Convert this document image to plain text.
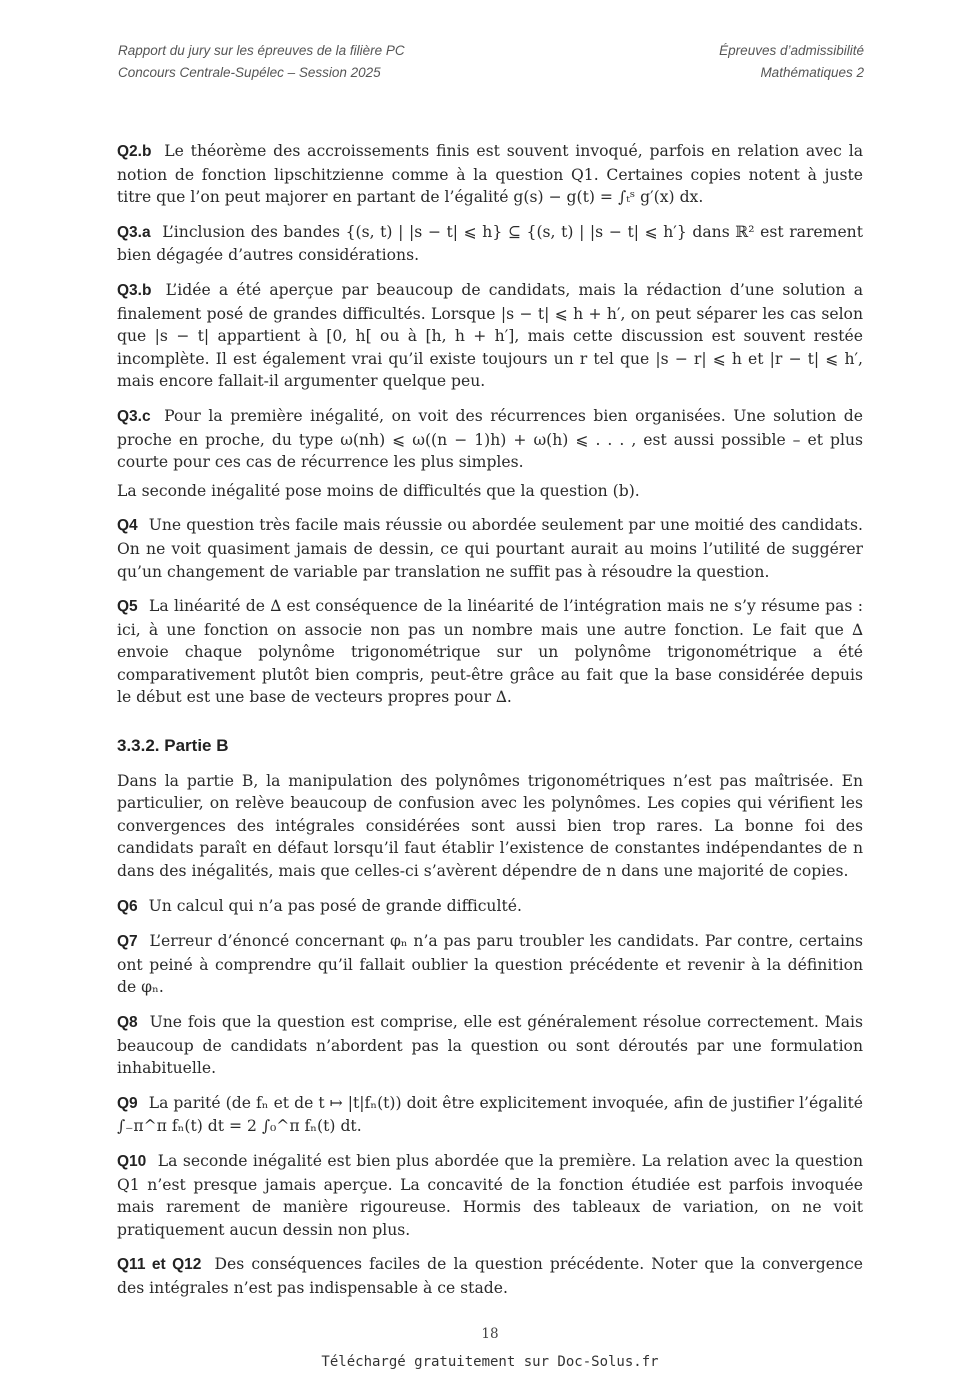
Rapport du jury sur les épreuves de la filière PC
Concours Centrale-Supélec – Session 2025
Épreuves d’admissibilité
Mathématiques 2

Q2.b Le théorème des accroissements finis est souvent invoqué, parfois en relation avec la notion de fonction lipschitzienne comme à la question Q1. Certaines copies notent à juste titre que l’on peut majorer en partant de l’égalité g(s) − g(t) = ∫ₜˢ g′(x) dx.

Q3.a L’inclusion des bandes {(s, t) | |s − t| ⩽ h} ⊆ {(s, t) | |s − t| ⩽ h′} dans ℝ² est rarement bien dégagée d’autres considérations.

Q3.b L’idée a été aperçue par beaucoup de candidats, mais la rédaction d’une solution a finalement posé de grandes difficultés. Lorsque |s − t| ⩽ h + h′, on peut séparer les cas selon que |s − t| appartient à [0, h[ ou à [h, h + h′], mais cette discussion est souvent restée incomplète. Il est également vrai qu’il existe toujours un r tel que |s − r| ⩽ h et |r − t| ⩽ h′, mais encore fallait-il argumenter quelque peu.

Q3.c Pour la première inégalité, on voit des récurrences bien organisées. Une solution de proche en proche, du type ω(nh) ⩽ ω((n − 1)h) + ω(h) ⩽ . . . , est aussi possible – et plus courte pour ces cas de récurrence les plus simples.

La seconde inégalité pose moins de difficultés que la question (b).

Q4 Une question très facile mais réussie ou abordée seulement par une moitié des candidats. On ne voit quasiment jamais de dessin, ce qui pourtant aurait au moins l’utilité de suggérer qu’un changement de variable par translation ne suffit pas à résoudre la question.

Q5 La linéarité de ∆ est conséquence de la linéarité de l’intégration mais ne s’y résume pas : ici, à une fonction on associe non pas un nombre mais une autre fonction. Le fait que ∆ envoie chaque polynôme trigonométrique sur un polynôme trigonométrique a été comparativement plutôt bien compris, peut-être grâce au fait que la base considérée depuis le début est une base de vecteurs propres pour ∆.

3.3.2. Partie B

Dans la partie B, la manipulation des polynômes trigonométriques n’est pas maîtrisée. En particulier, on relève beaucoup de confusion avec les polynômes. Les copies qui vérifient les convergences des intégrales considérées sont aussi bien trop rares. La bonne foi des candidats paraît en défaut lorsqu’il faut établir l’existence de constantes indépendantes de n dans des inégalités, mais que celles-ci s’avèrent dépendre de n dans une majorité de copies.

Q6 Un calcul qui n’a pas posé de grande difficulté.

Q7 L’erreur d’énoncé concernant φₙ n’a pas paru troubler les candidats. Par contre, certains ont peiné à comprendre qu’il fallait oublier la question précédente et revenir à la définition de φₙ.

Q8 Une fois que la question est comprise, elle est généralement résolue correctement. Mais beaucoup de candidats n’abordent pas la question ou sont déroutés par une formulation inhabituelle.

Q9 La parité (de fₙ et de t ↦ |t|fₙ(t)) doit être explicitement invoquée, afin de justifier l’égalité ∫₋π^π fₙ(t) dt = 2 ∫₀^π fₙ(t) dt.

Q10 La seconde inégalité est bien plus abordée que la première. La relation avec la question Q1 n’est presque jamais aperçue. La concavité de la fonction étudiée est parfois invoquée mais rarement de manière rigoureuse. Hormis des tableaux de variation, on ne voit pratiquement aucun dessin non plus.

Q11 et Q12 Des conséquences faciles de la question précédente. Noter que la convergence des intégrales n’est pas indispensable à ce stade.

18
Téléchargé gratuitement sur Doc-Solus.fr
